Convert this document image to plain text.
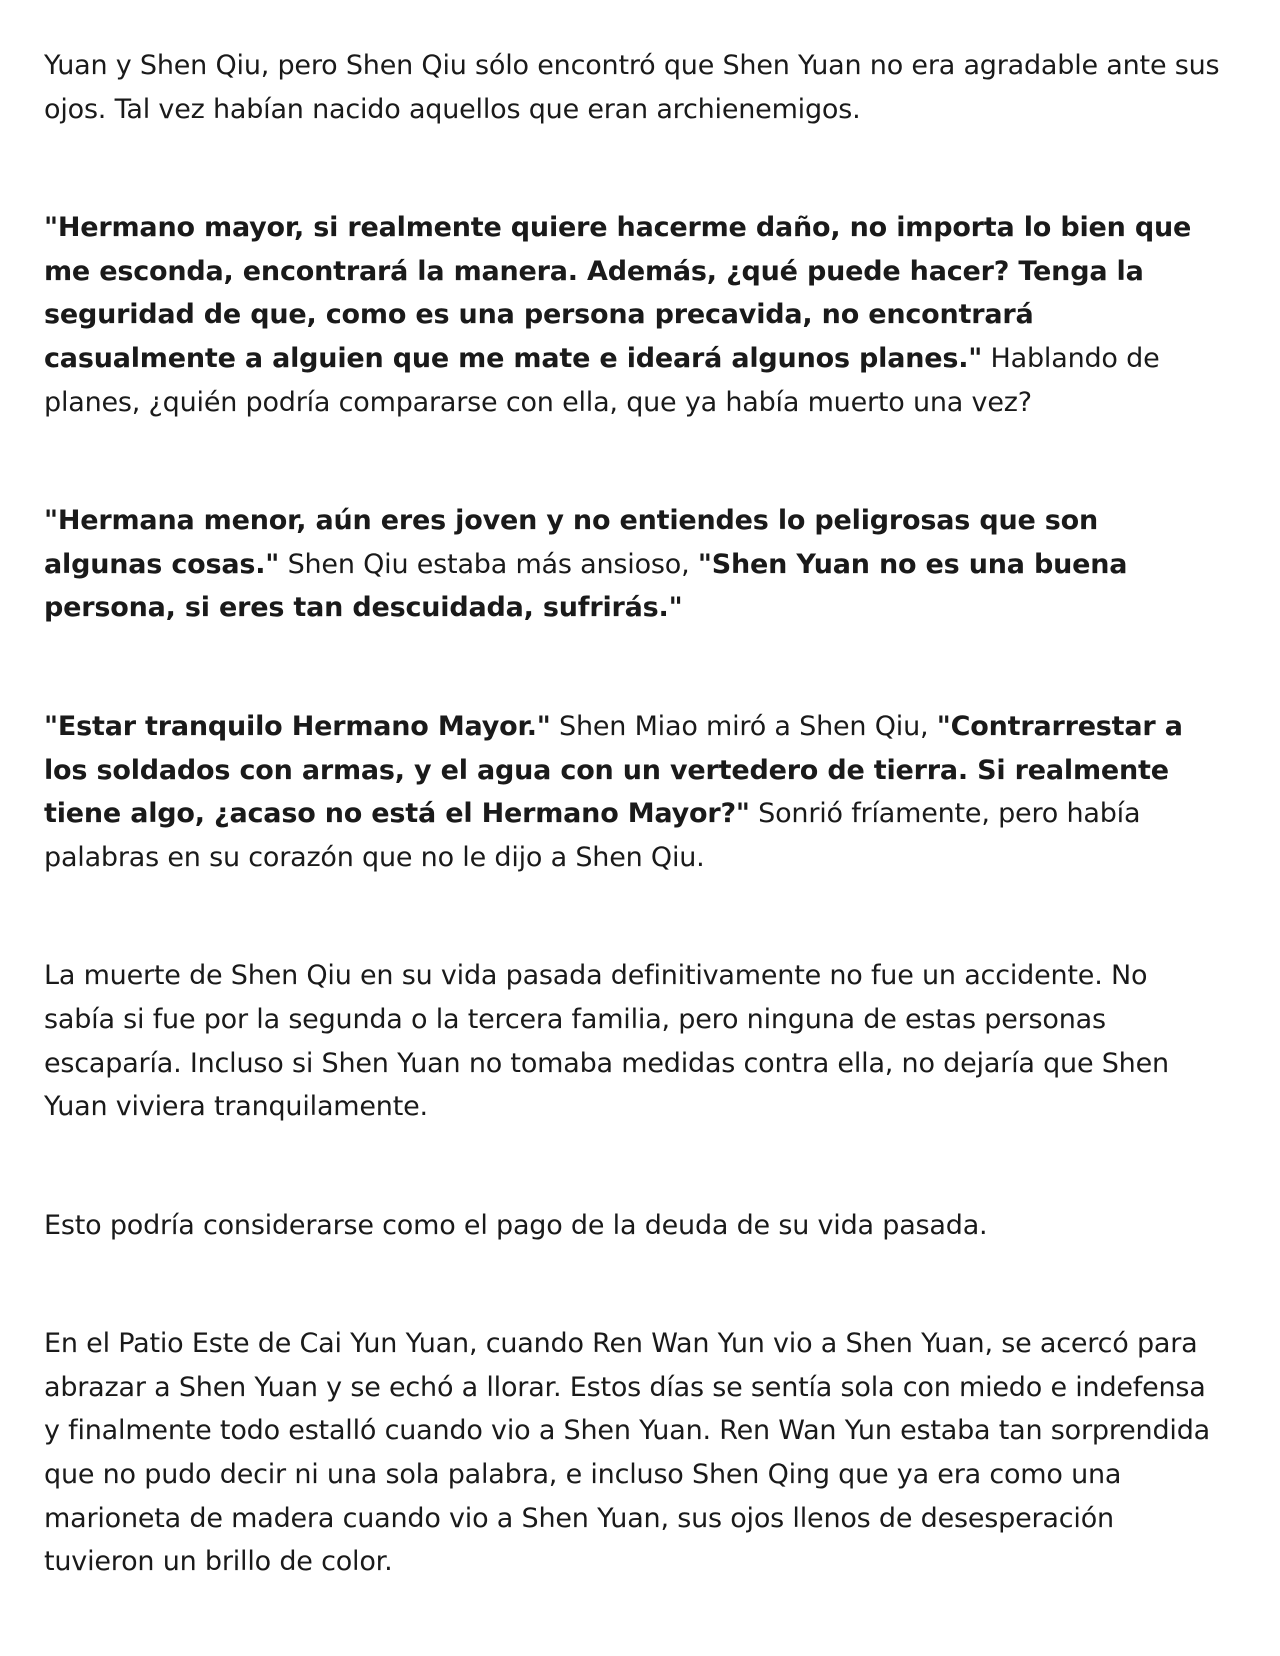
Yuan y Shen Qiu, pero Shen Qiu sólo encontró que Shen Yuan no era agradable ante sus ojos. Tal vez habían nacido aquellos que eran archienemigos.

"Hermano mayor, si realmente quiere hacerme daño, no importa lo bien que me esconda, encontrará la manera. Además, ¿qué puede hacer? Tenga la seguridad de que, como es una persona precavida, no encontrará casualmente a alguien que me mate e ideará algunos planes." Hablando de planes, ¿quién podría compararse con ella, que ya había muerto una vez?

"Hermana menor, aún eres joven y no entiendes lo peligrosas que son algunas cosas." Shen Qiu estaba más ansioso, "Shen Yuan no es una buena persona, si eres tan descuidada, sufrirás."

"Estar tranquilo Hermano Mayor." Shen Miao miró a Shen Qiu, "Contrarrestar a los soldados con armas, y el agua con un vertedero de tierra. Si realmente tiene algo, ¿acaso no está el Hermano Mayor?" Sonrió fríamente, pero había palabras en su corazón que no le dijo a Shen Qiu.

La muerte de Shen Qiu en su vida pasada definitivamente no fue un accidente. No sabía si fue por la segunda o la tercera familia, pero ninguna de estas personas escaparía. Incluso si Shen Yuan no tomaba medidas contra ella, no dejaría que Shen Yuan viviera tranquilamente.

Esto podría considerarse como el pago de la deuda de su vida pasada.

En el Patio Este de Cai Yun Yuan, cuando Ren Wan Yun vio a Shen Yuan, se acercó para abrazar a Shen Yuan y se echó a llorar. Estos días se sentía sola con miedo e indefensa y finalmente todo estalló cuando vio a Shen Yuan. Ren Wan Yun estaba tan sorprendida que no pudo decir ni una sola palabra, e incluso Shen Qing que ya era como una marioneta de madera cuando vio a Shen Yuan, sus ojos llenos de desesperación tuvieron un brillo de color.
